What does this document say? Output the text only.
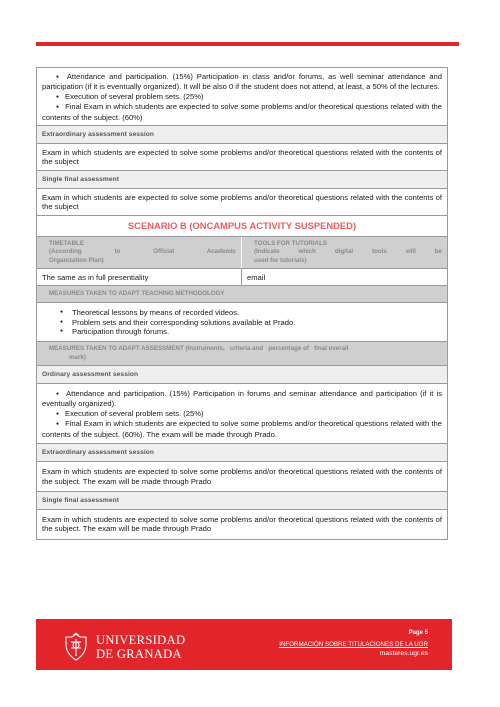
● Attendance and participation. (15%) Participation in class and/or forums, as well seminar attendance and participation (if it is eventually organized). It will be also 0 if the student does not attend, at least, a 50% of the lectures.
● Execution of several problem sets. (25%)
● Final Exam in which students are expected to solve some problems and/or theoretical questions related with the contents of the subject. (60%)
Extraordinary assessment session
Exam in which students are expected to solve some problems and/or theoretical questions related with the contents of the subject
Single final assessment
Exam in which students are expected to solve some problems and/or theoretical questions related with the contents of the subject
SCENARIO B (ONCAMPUS ACTIVITY SUSPENDED)
TIMETABLE
(According to Official Academic
Organization Plan)
TOOLS FOR TUTORIALS
(Indicate which digital tools will be
used for tutorials)
The same as in full presentiality	email
MEASURES TAKEN TO ADAPT TEACHING METHODOLOGY
● Theoretical lessons by means of recorded videos.
● Problem sets and their corresponding solutions available at Prado.
● Participation through fórums.
MEASURES TAKEN TO ADAPT ASSESSMENT (Instruments,   criteria and   percentage of   final overall
mark)
Ordinary assessment session
● Attendance and participation. (15%) Participation in forums and seminar attendance and participation (if it is eventually organized).
● Execution of several problem sets. (25%)
● Final Exam in which students are expected to solve some problems and/or theoretical questions related with the contents of the subject. (60%). The exam will be made through Prado.
Extraordinary assessment session
Exam in which students are expected to solve some problems and/or theoretical questions related with the contents of the subject. The exam will be made through Prado
Single final assessment
Exam in which students are expected to solve some problems and/or theoretical questions related with the contents of the subject. The exam will be made through Prado
UNIVERSIDAD
DE GRANADA
Page 5
INFORMACIÓN SOBRE TITULACIONES DE LA UGR
masteres.ugr.es
